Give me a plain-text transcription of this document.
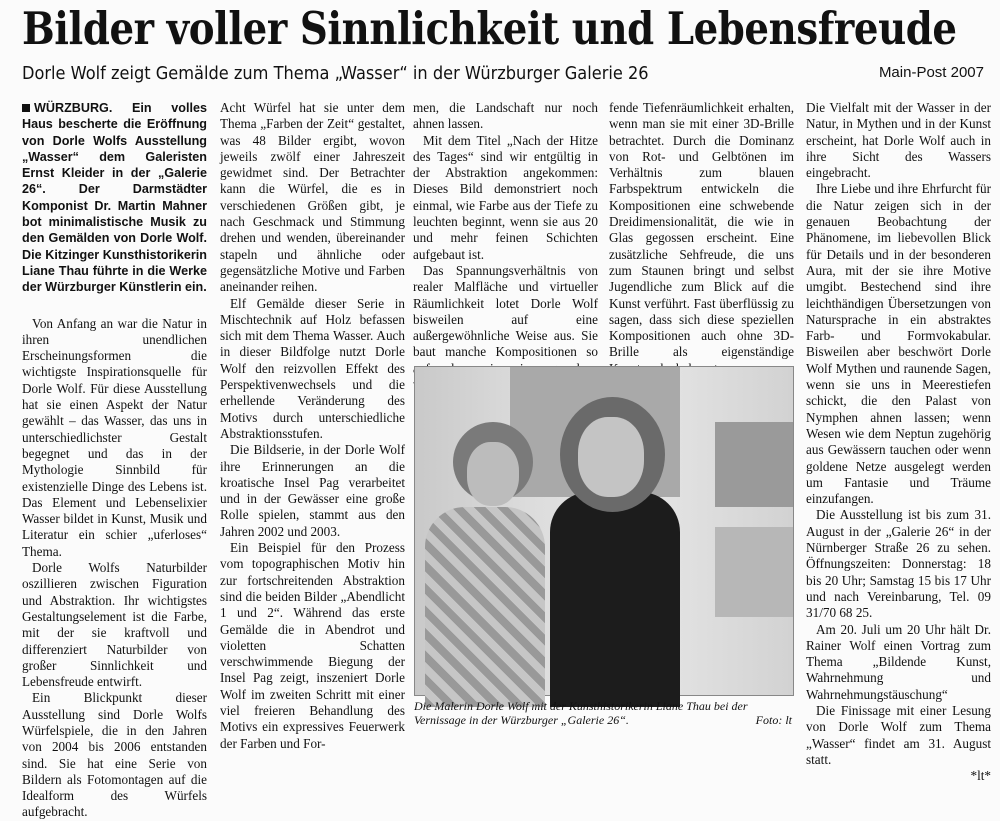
Bilder voller Sinnlichkeit und Lebensfreude
Dorle Wolf zeigt Gemälde zum Thema „Wasser“ in der Würzburger Galerie 26	Main-Post 2007

WÜRZBURG. Ein volles Haus bescherte die Eröffnung von Dorle Wolfs Ausstellung „Wasser“ dem Galeristen Ernst Kleider in der „Galerie 26“. Der Darmstädter Komponist Dr. Martin Mahner bot minimalistische Musik zu den Gemälden von Dorle Wolf. Die Kitzinger Kunsthistorikerin Liane Thau führte in die Werke der Würzburger Künstlerin ein.

Von Anfang an war die Natur in ihren unendlichen Erscheinungsformen die wichtigste Inspirationsquelle für Dorle Wolf. Für diese Ausstellung hat sie einen Aspekt der Natur gewählt – das Wasser, das uns in unterschiedlichster Gestalt begegnet und das in der Mythologie Sinnbild für existenzielle Dinge des Lebens ist. Das Element und Lebenselixier Wasser bildet in Kunst, Musik und Literatur ein schier „uferloses“ Thema.

Dorle Wolfs Naturbilder oszillieren zwischen Figuration und Abstraktion. Ihr wichtigstes Gestaltungselement ist die Farbe, mit der sie kraftvoll und differenziert Naturbilder von großer Sinnlichkeit und Lebensfreude entwirft.

Ein Blickpunkt dieser Ausstellung sind Dorle Wolfs Würfelspiele, die in den Jahren von 2004 bis 2006 entstanden sind. Sie hat eine Serie von Bildern als Fotomontagen auf die Idealform des Würfels aufgebracht.

Acht Würfel hat sie unter dem Thema „Farben der Zeit“ gestaltet, was 48 Bilder ergibt, wovon jeweils zwölf einer Jahreszeit gewidmet sind. Der Betrachter kann die Würfel, die es in verschiedenen Größen gibt, je nach Geschmack und Stimmung drehen und wenden, übereinander stapeln und ähnliche oder gegensätzliche Motive und Farben aneinander reihen.

Elf Gemälde dieser Serie in Mischtechnik auf Holz befassen sich mit dem Thema Wasser. Auch in dieser Bildfolge nutzt Dorle Wolf den reizvollen Effekt des Perspektivenwechsels und die erhellende Veränderung des Motivs durch unterschiedliche Abstraktionsstufen.

Die Bildserie, in der Dorle Wolf ihre Erinnerungen an die kroatische Insel Pag verarbeitet und in der Gewässer eine große Rolle spielen, stammt aus den Jahren 2002 und 2003.

Ein Beispiel für den Prozess vom topographischen Motiv hin zur fortschreitenden Abstraktion sind die beiden Bilder „Abendlicht 1 und 2“. Während das erste Gemälde die in Abendrot und violetten Schatten verschwimmende Biegung der Insel Pag zeigt, inszeniert Dorle Wolf im zweiten Schritt mit einer viel freieren Behandlung des Motivs ein expressives Feuerwerk der Farben und For-

men, die Landschaft nur noch ahnen lassen.

Mit dem Titel „Nach der Hitze des Tages“ sind wir entgültig in der Abstraktion angekommen: Dieses Bild demonstriert noch einmal, wie Farbe aus der Tiefe zu leuchten beginnt, wenn sie aus 20 und mehr feinen Schichten aufgebaut ist.

Das Spannungsverhältnis von realer Malfläche und virtueller Räumlichkeit lotet Dorle Wolf bisweilen auf eine außergewöhnliche Weise aus. Sie baut manche Kompositionen so

fende Tiefenräumlichkeit erhalten, wenn man sie mit einer 3D-Brille betrachtet. Durch die Dominanz von Rot- und Gelbtönen im Verhältnis zum blauen Farbspektrum entwickeln die Kompositionen eine schwebende Dreidimensionalität, die wie in Glas gegossen erscheint. Eine zusätzliche Sehfreude, die uns zum Staunen bringt und selbst Jugendliche zum Blick auf die Kunst verführt. Fast überflüssig zu sagen, dass sich diese speziellen Kompositionen auch ohne 3D-Brille als eigenständige

Die Malerin Dorle Wolf mit der Kunsthistorikerin Liane Thau bei der Vernissage in der Würzburger „Galerie 26“.	Foto: lt

Die Vielfalt mit der Wasser in der Natur, in Mythen und in der Kunst erscheint, hat Dorle Wolf auch in ihre Sicht des Wassers eingebracht.

Ihre Liebe und ihre Ehrfurcht für die Natur zeigen sich in der genauen Beobachtung der Phänomene, im liebevollen Blick für Details und in der besonderen Aura, mit der sie ihre Motive umgibt. Bestechend sind ihre leichthändigen Übersetzungen von Natursprache in ein abstraktes Farb- und Formvokabular. Bisweilen aber beschwört Dorle Wolf Mythen und raunende Sagen, wenn sie uns in Meerestiefen schickt, die den Palast von Nymphen ahnen lassen; wenn Wesen wie dem Neptun zugehörig aus Gewässern tauchen oder wenn goldene Netze ausgelegt werden um Fantasie und Träume einzufangen.

Die Ausstellung ist bis zum 31. August in der „Galerie 26“ in der Nürnberger Straße 26 zu sehen. Öffnungszeiten: Donnerstag: 18 bis 20 Uhr; Samstag 15 bis 17 Uhr und nach Vereinbarung, Tel. 09 31/70 68 25.

Am 20. Juli um 20 Uhr hält Dr. Rainer Wolf einen Vortrag zum Thema „Bildende Kunst, Wahrnehmung und Wahrnehmungstäuschung“

Die Finissage mit einer Lesung von Dorle Wolf zum Thema „Wasser“ findet am 31. August statt.

*lt*
